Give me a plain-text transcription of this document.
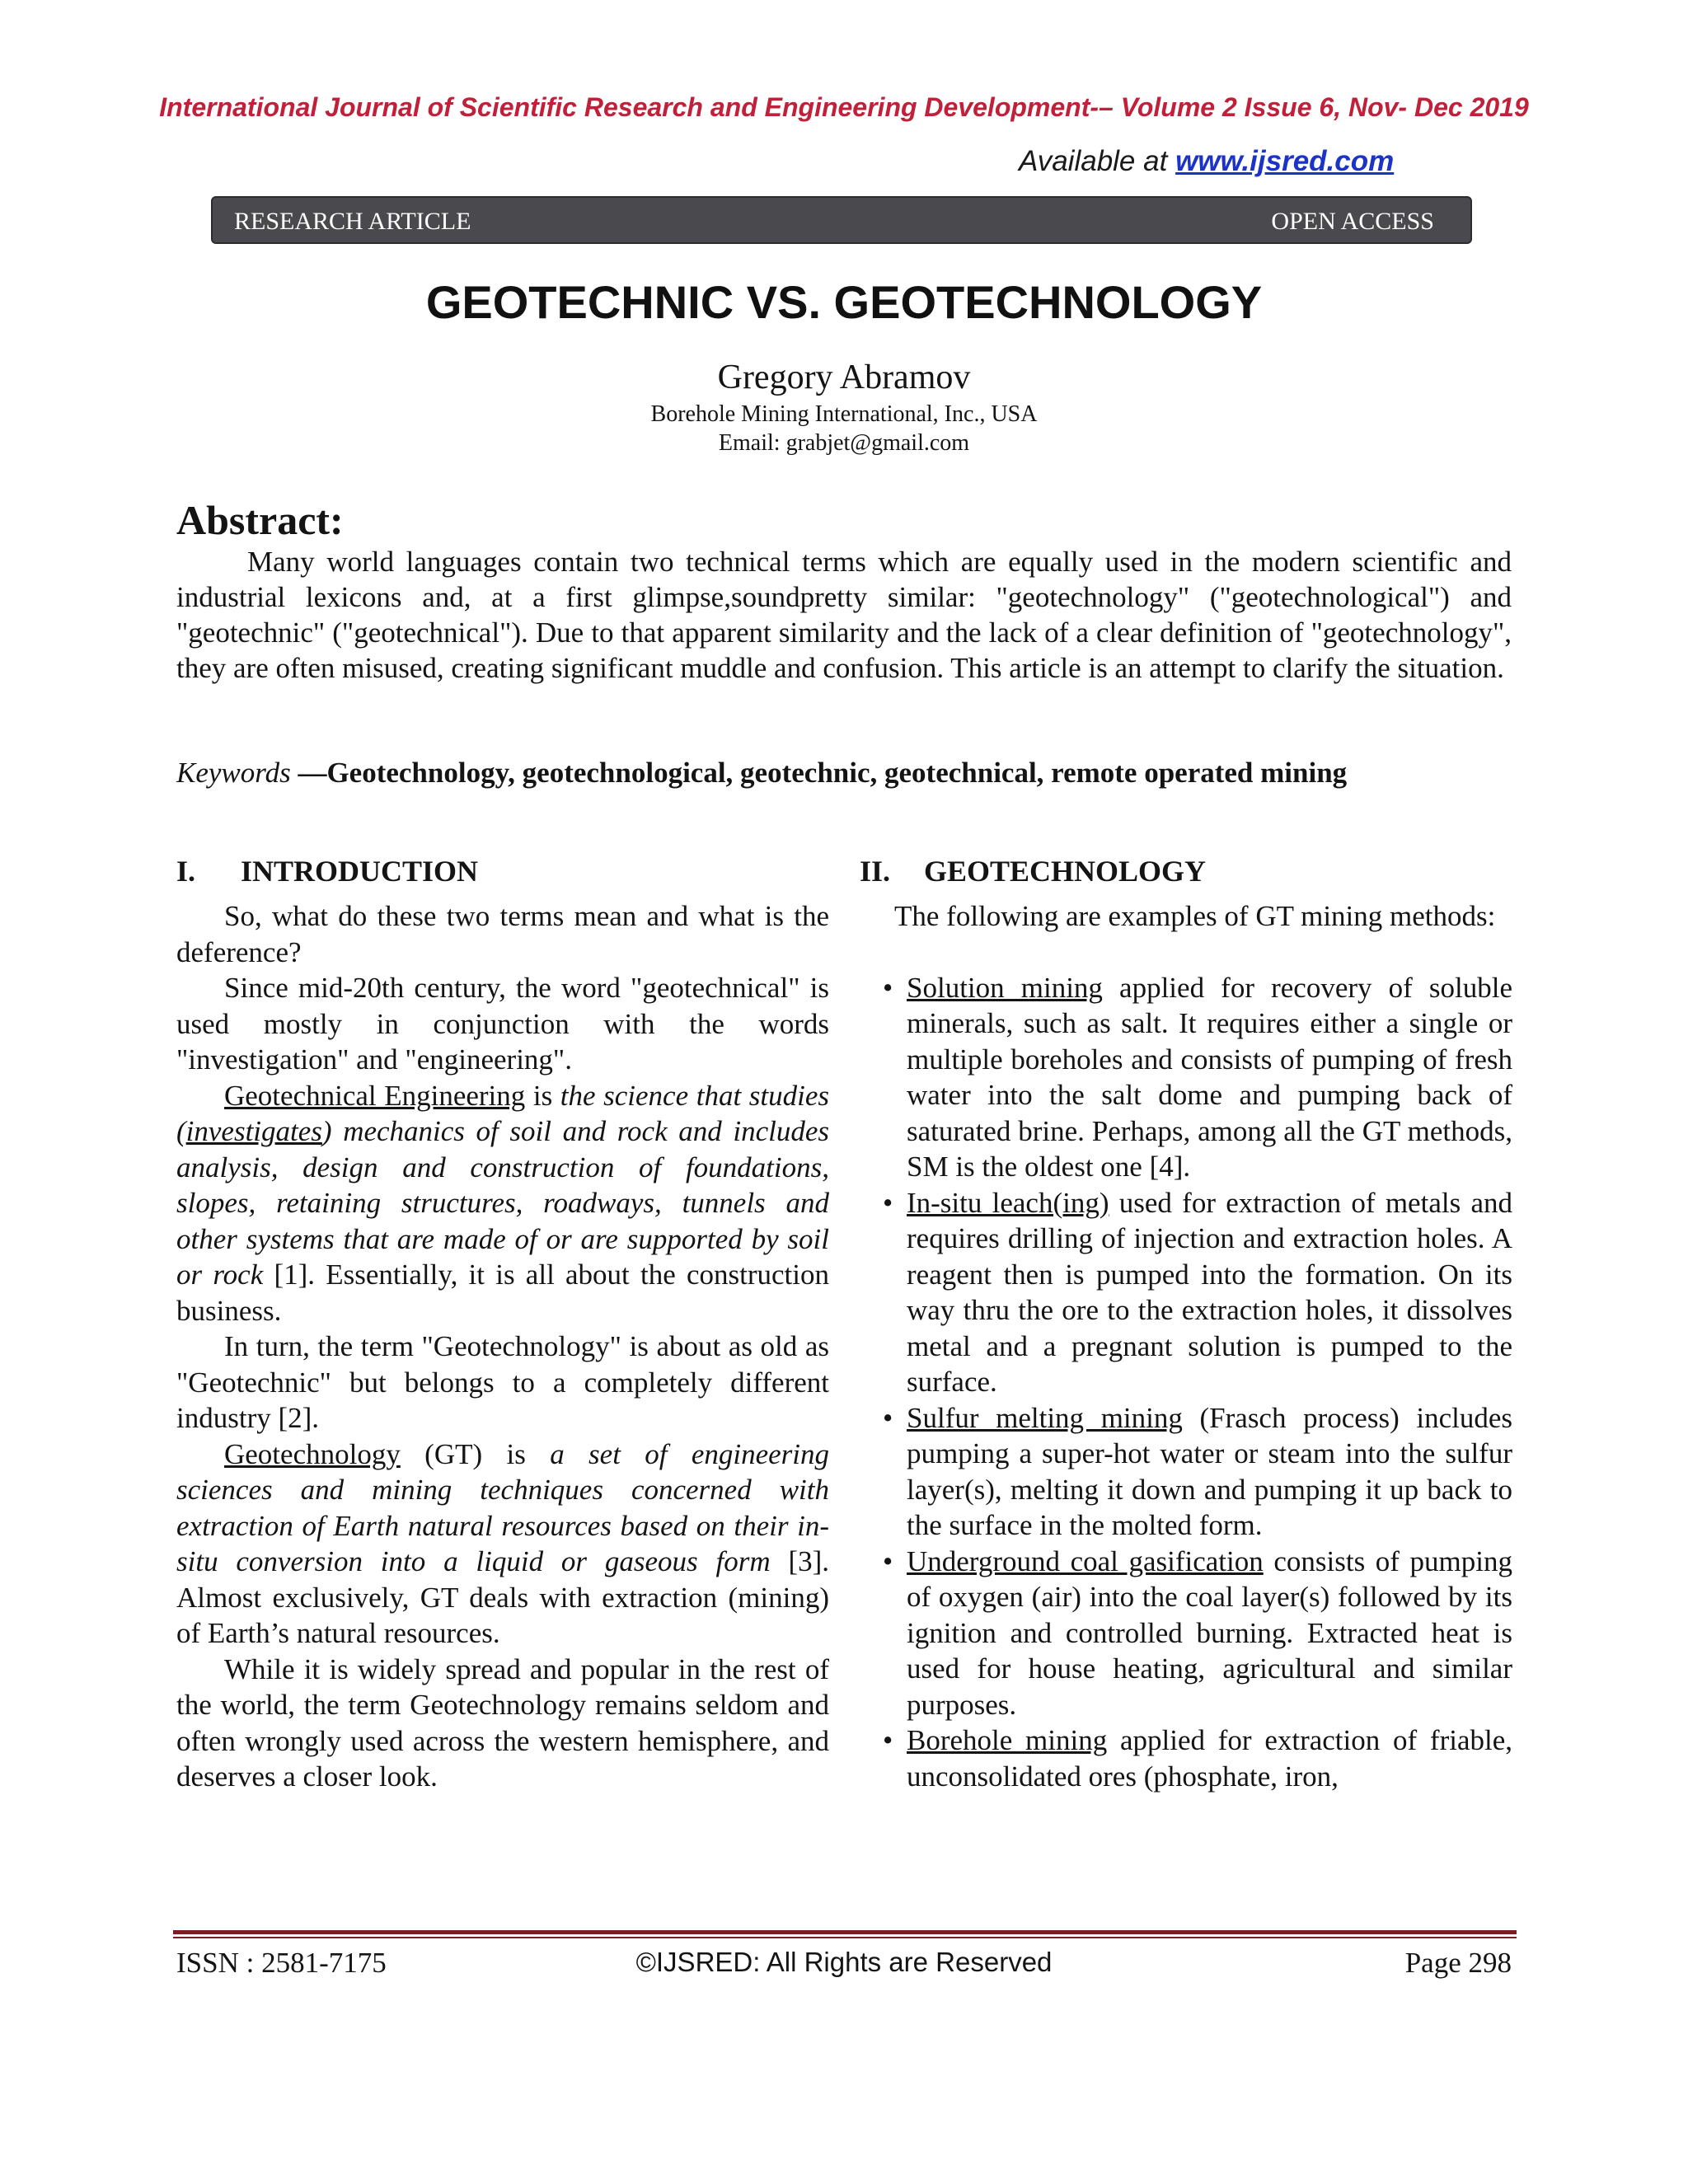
International Journal of Scientific Research and Engineering Development-– Volume 2 Issue 6, Nov- Dec 2019
Available at www.ijsred.com
RESEARCH ARTICLE	OPEN ACCESS
GEOTECHNIC VS. GEOTECHNOLOGY
Gregory Abramov
Borehole Mining International, Inc., USA
Email: grabjet@gmail.com
Abstract:

Many world languages contain two technical terms which are equally used in the modern scientific and industrial lexicons and, at a first glimpse,soundpretty similar: "geotechnology" ("geotechnological") and "geotechnic" ("geotechnical"). Due to that apparent similarity and the lack of a clear definition of "geotechnology", they are often misused, creating significant muddle and confusion. This article is an attempt to clarify the situation.

Keywords —Geotechnology, geotechnological, geotechnic, geotechnical, remote operated mining
I. INTRODUCTION

So, what do these two terms mean and what is the deference?

Since mid-20th century, the word "geotechnical" is used mostly in conjunction with the words "investigation" and "engineering".

Geotechnical Engineering is the science that studies (investigates) mechanics of soil and rock and includes analysis, design and construction of foundations, slopes, retaining structures, roadways, tunnels and other systems that are made of or are supported by soil or rock [1]. Essentially, it is all about the construction business.

In turn, the term "Geotechnology" is about as old as "Geotechnic" but belongs to a completely different industry [2].

Geotechnology (GT) is a set of engineering sciences and mining techniques concerned with extraction of Earth natural resources based on their in-situ conversion into a liquid or gaseous form [3]. Almost exclusively, GT deals with extraction (mining) of Earth’s natural resources.

While it is widely spread and popular in the rest of the world, the term Geotechnology remains seldom and often wrongly used across the western hemisphere, and deserves a closer look.

II. GEOTECHNOLOGY

The following are examples of GT mining methods:

• Solution mining applied for recovery of soluble minerals, such as salt. It requires either a single or multiple boreholes and consists of pumping of fresh water into the salt dome and pumping back of saturated brine. Perhaps, among all the GT methods, SM is the oldest one [4].
• In-situ leach(ing) used for extraction of metals and requires drilling of injection and extraction holes. A reagent then is pumped into the formation. On its way thru the ore to the extraction holes, it dissolves metal and a pregnant solution is pumped to the surface.
• Sulfur melting mining (Frasch process) includes pumping a super-hot water or steam into the sulfur layer(s), melting it down and pumping it up back to the surface in the molted form.
• Underground coal gasification consists of pumping of oxygen (air) into the coal layer(s) followed by its ignition and controlled burning. Extracted heat is used for house heating, agricultural and similar purposes.
• Borehole mining applied for extraction of friable, unconsolidated ores (phosphate, iron,
ISSN : 2581-7175	©IJSRED: All Rights are Reserved	Page 298
